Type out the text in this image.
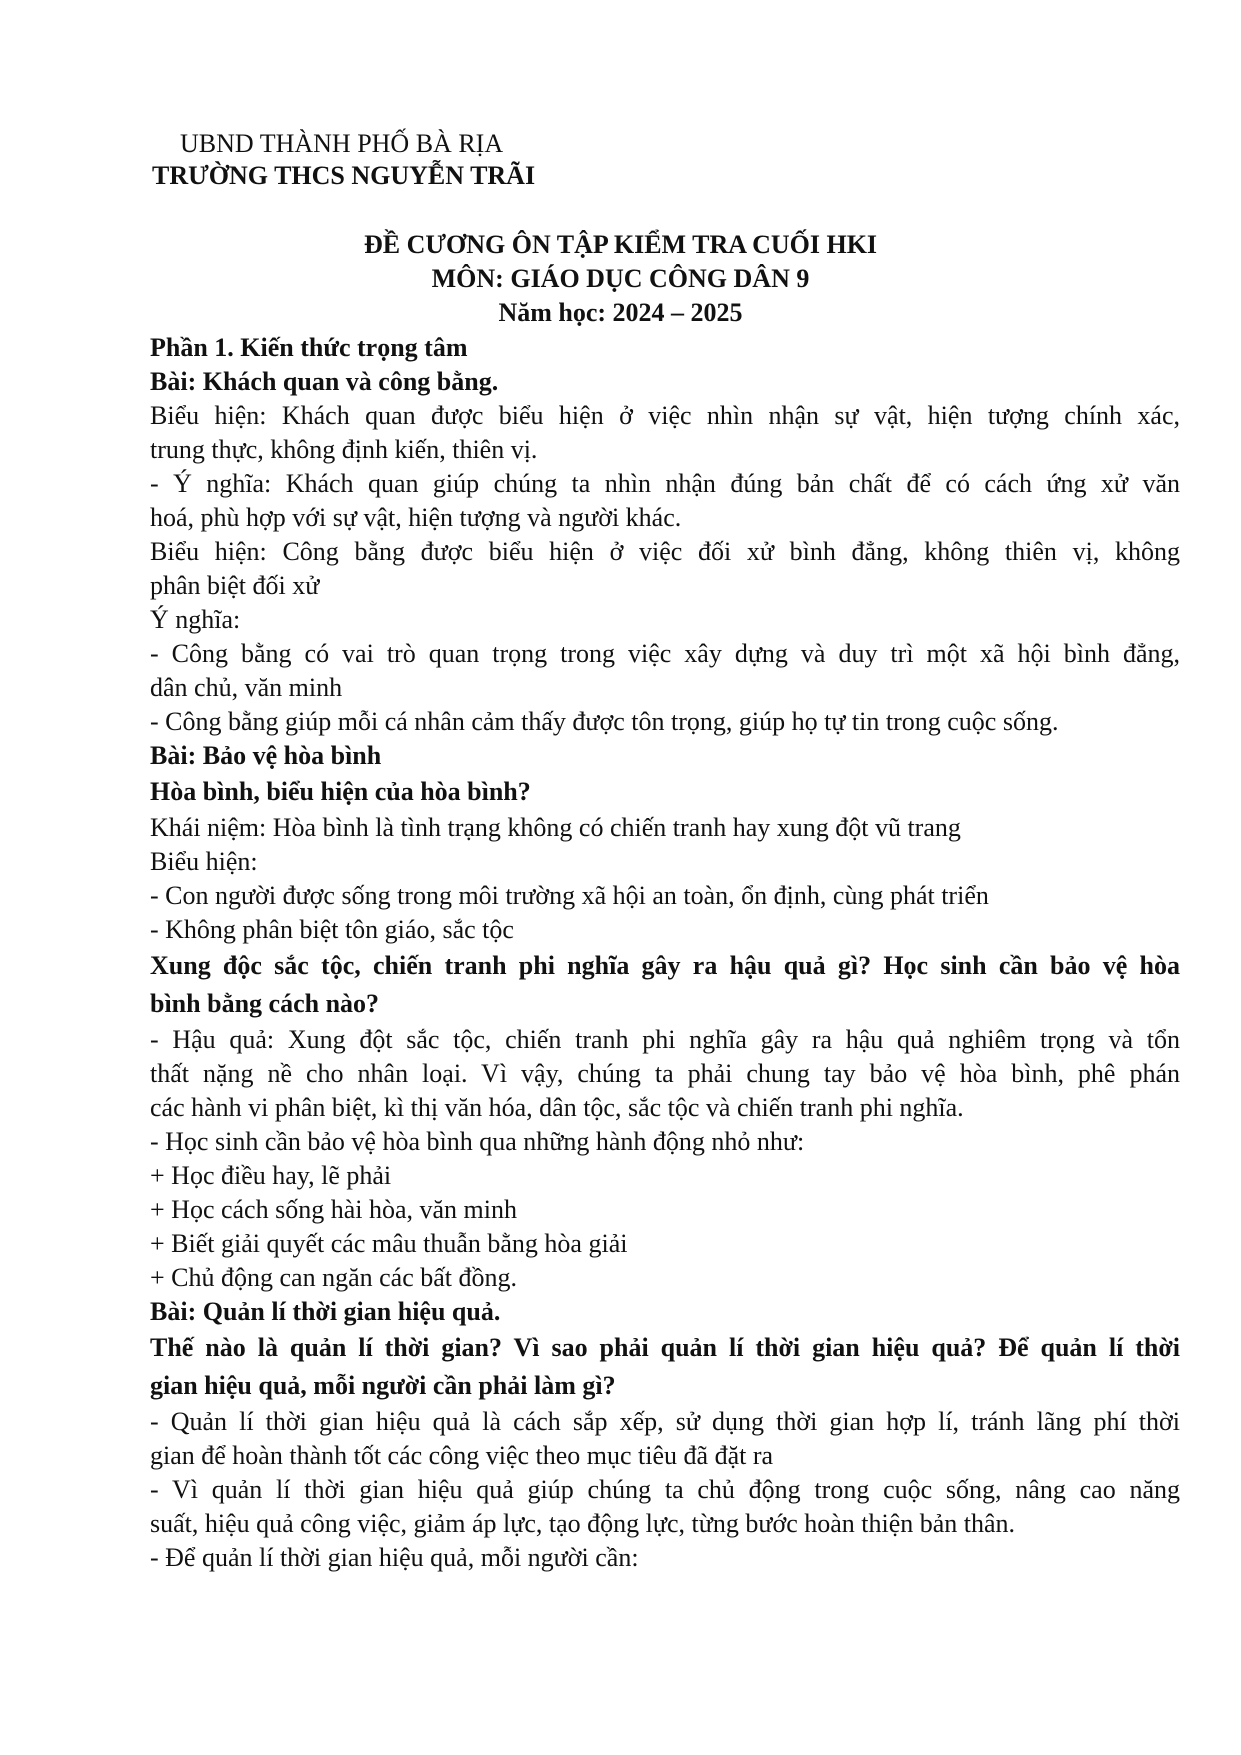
UBND THÀNH PHỐ BÀ RỊA
TRƯỜNG THCS NGUYỄN TRÃI
ĐỀ CƯƠNG ÔN TẬP KIỂM TRA CUỐI HKI
MÔN: GIÁO DỤC CÔNG DÂN 9
Năm học: 2024 – 2025
Phần 1. Kiến thức trọng tâm
Bài: Khách quan và công bằng.
Biểu hiện: Khách quan được biểu hiện ở việc nhìn nhận sự vật, hiện tượng chính xác,
trung thực, không định kiến, thiên vị.
- Ý nghĩa: Khách quan giúp chúng ta nhìn nhận đúng bản chất để có cách ứng xử văn
hoá, phù hợp với sự vật, hiện tượng và người khác.
Biểu hiện: Công bằng được biểu hiện ở việc đối xử bình đẳng, không thiên vị, không
phân biệt đối xử
Ý nghĩa:
- Công bằng có vai trò quan trọng trong việc xây dựng và duy trì một xã hội bình đẳng,
dân chủ, văn minh
- Công bằng giúp mỗi cá nhân cảm thấy được tôn trọng, giúp họ tự tin trong cuộc sống.
Bài: Bảo vệ hòa bình
Hòa bình, biểu hiện của hòa bình?
Khái niệm: Hòa bình là tình trạng không có chiến tranh hay xung đột vũ trang
Biểu hiện:
- Con người được sống trong môi trường xã hội an toàn, ổn định, cùng phát triển
- Không phân biệt tôn giáo, sắc tộc
Xung độc sắc tộc, chiến tranh phi nghĩa gây ra hậu quả gì? Học sinh cần bảo vệ hòa
bình bằng cách nào?
- Hậu quả: Xung đột sắc tộc, chiến tranh phi nghĩa gây ra hậu quả nghiêm trọng và tổn
thất nặng nề cho nhân loại. Vì vậy, chúng ta phải chung tay bảo vệ hòa bình, phê phán
các hành vi phân biệt, kì thị văn hóa, dân tộc, sắc tộc và chiến tranh phi nghĩa.
- Học sinh cần bảo vệ hòa bình qua những hành động nhỏ như:
+ Học điều hay, lẽ phải
+ Học cách sống hài hòa, văn minh
+ Biết giải quyết các mâu thuẫn bằng hòa giải
+ Chủ động can ngăn các bất đồng.
Bài: Quản lí thời gian hiệu quả.
Thế nào là quản lí thời gian? Vì sao phải quản lí thời gian hiệu quả? Để quản lí thời
gian hiệu quả, mỗi người cần phải làm gì?
- Quản lí thời gian hiệu quả là cách sắp xếp, sử dụng thời gian hợp lí, tránh lãng phí thời
gian để hoàn thành tốt các công việc theo mục tiêu đã đặt ra
- Vì quản lí thời gian hiệu quả giúp chúng ta chủ động trong cuộc sống, nâng cao năng
suất, hiệu quả công việc, giảm áp lực, tạo động lực, từng bước hoàn thiện bản thân.
- Để quản lí thời gian hiệu quả, mỗi người cần:
